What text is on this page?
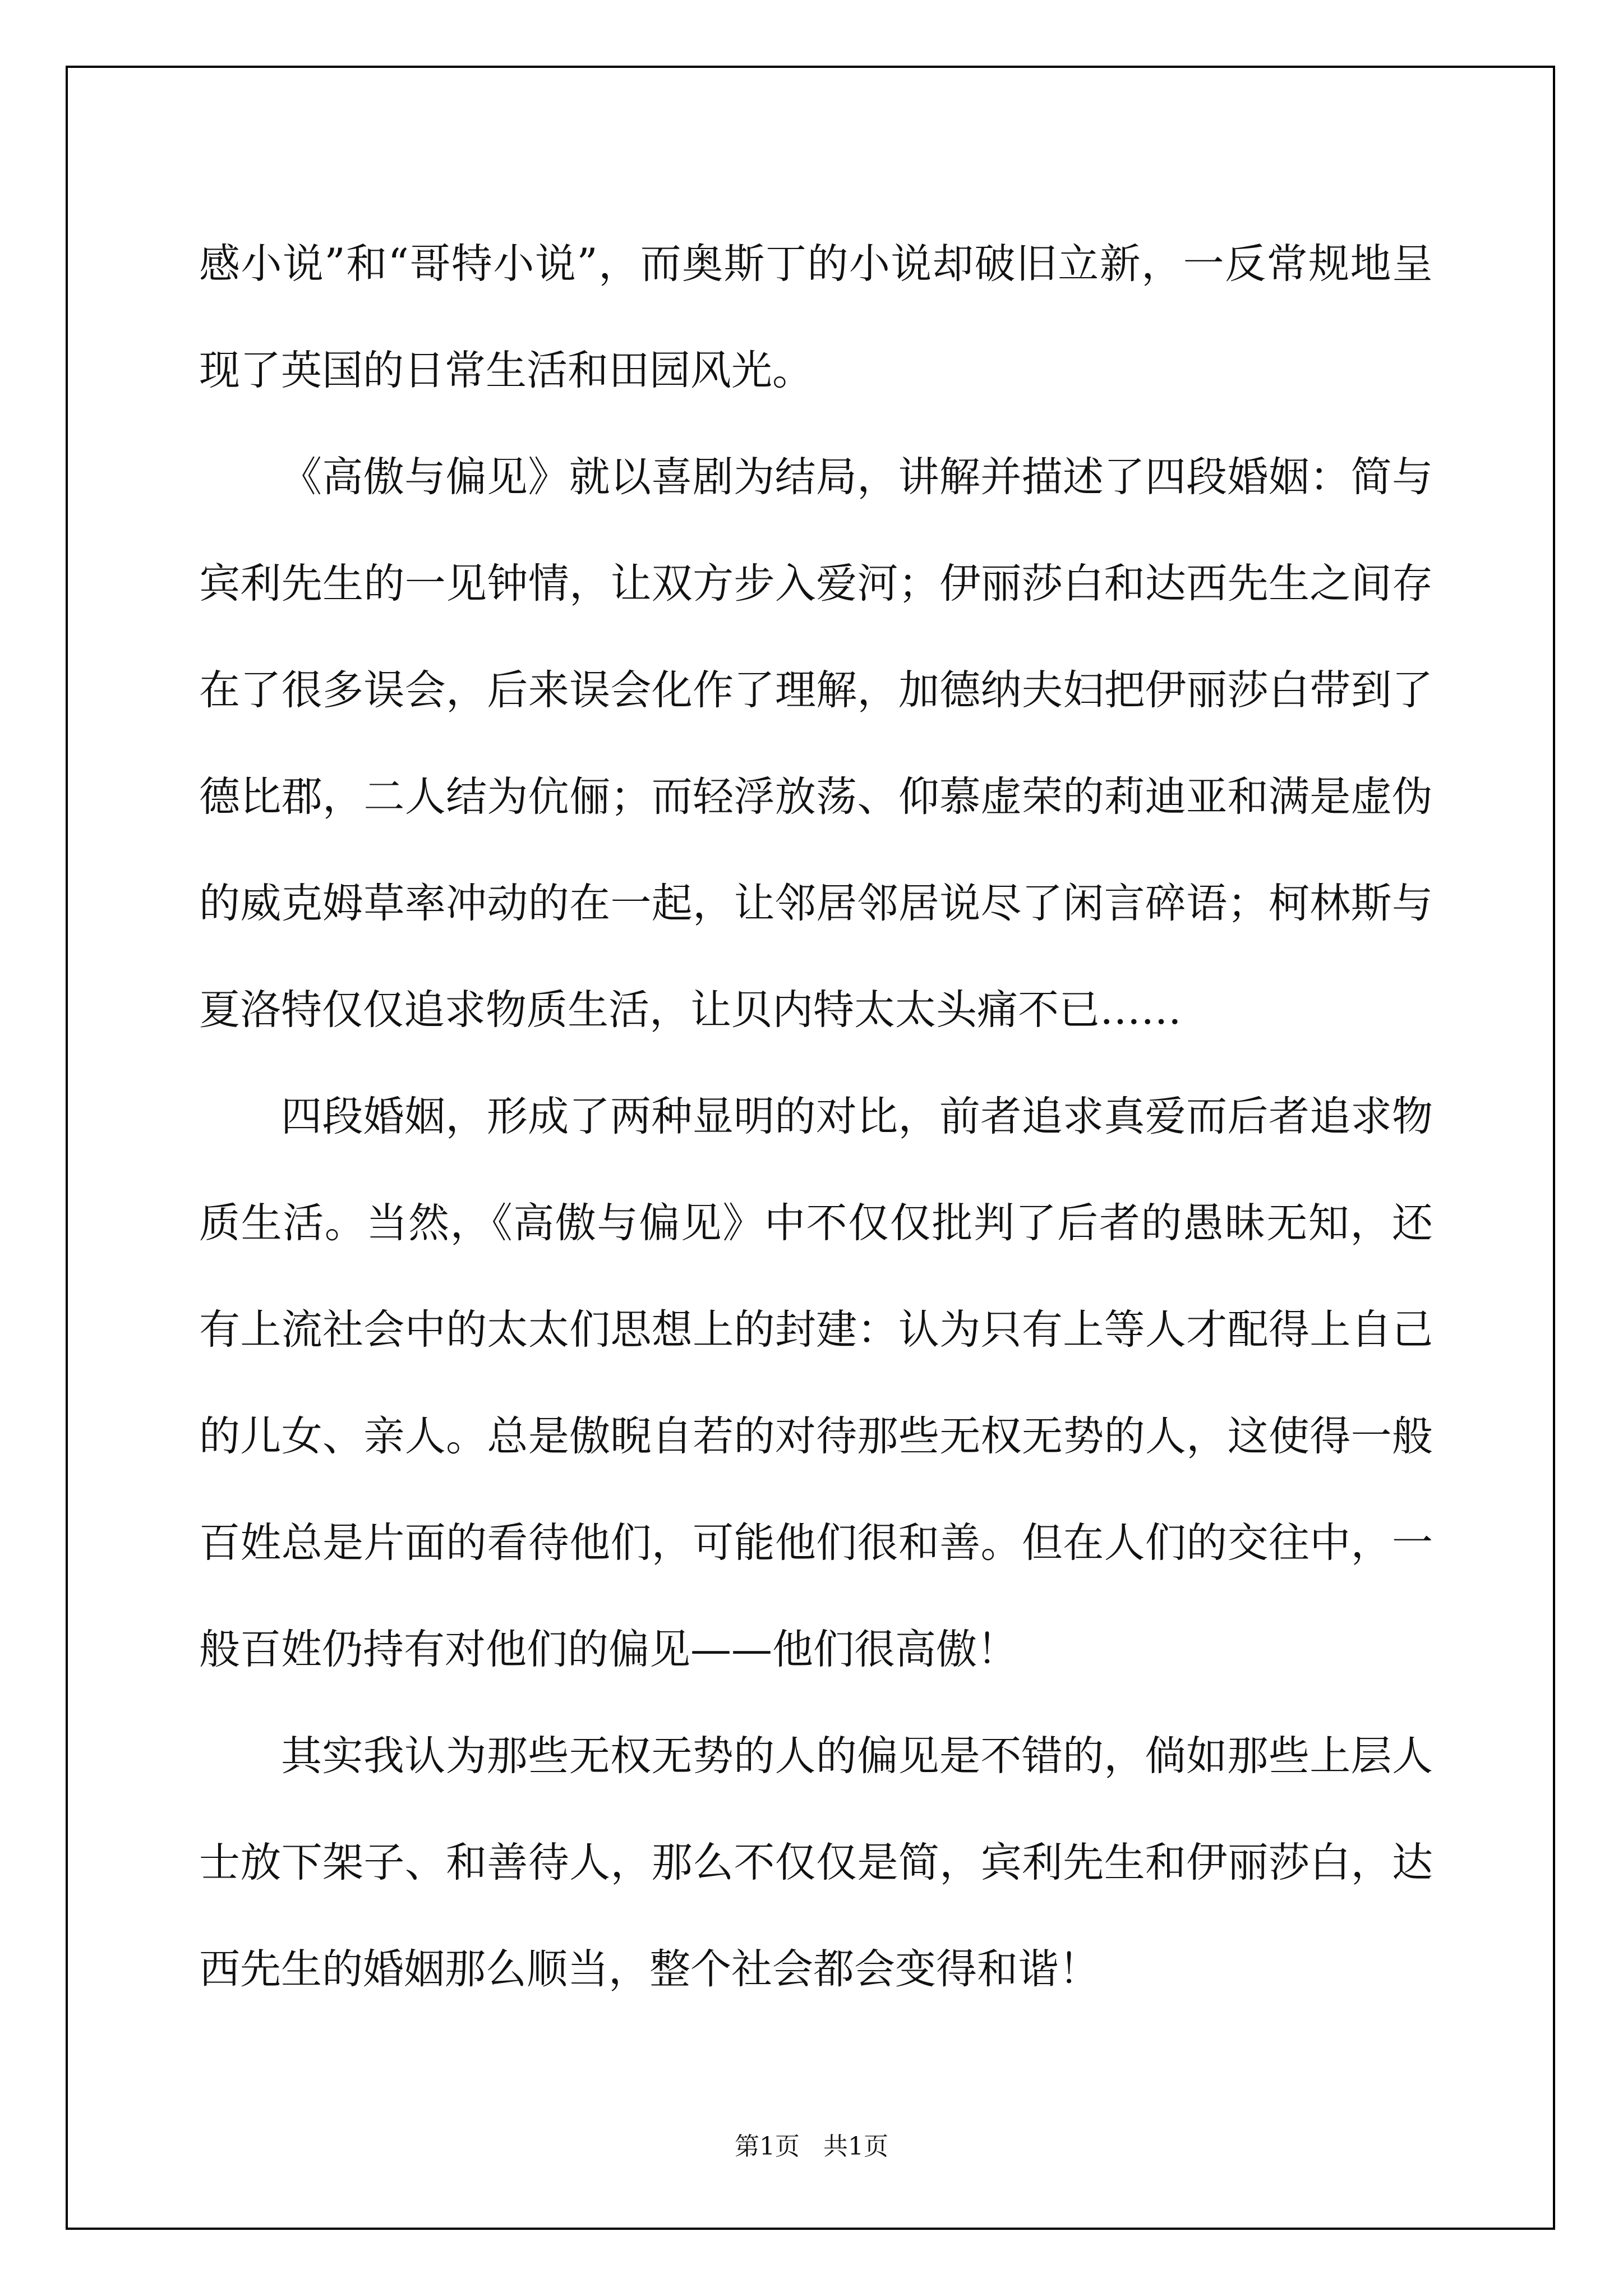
感小说”和“哥特小说”，而奥斯丁的小说却破旧立新，一反常规地呈现了英国的日常生活和田园风光。

《高傲与偏见》就以喜剧为结局，讲解并描述了四段婚姻：简与宾利先生的一见钟情，让双方步入爱河；伊丽莎白和达西先生之间存在了很多误会，后来误会化作了理解，加德纳夫妇把伊丽莎白带到了德比郡，二人结为伉俪；而轻浮放荡、仰慕虚荣的莉迪亚和满是虚伪的威克姆草率冲动的在一起，让邻居邻居说尽了闲言碎语；柯林斯与夏洛特仅仅追求物质生活，让贝内特太太头痛不已……

四段婚姻，形成了两种显明的对比，前者追求真爱而后者追求物质生活。当然，《高傲与偏见》中不仅仅批判了后者的愚昧无知，还有上流社会中的太太们思想上的封建：认为只有上等人才配得上自己的儿女、亲人。总是傲睨自若的对待那些无权无势的人，这使得一般百姓总是片面的看待他们，可能他们很和善。但在人们的交往中，一般百姓仍持有对他们的偏见——他们很高傲！

其实我认为那些无权无势的人的偏见是不错的，倘如那些上层人士放下架子、和善待人，那么不仅仅是简，宾利先生和伊丽莎白，达西先生的婚姻那么顺当，整个社会都会变得和谐！

第1页   共1页
